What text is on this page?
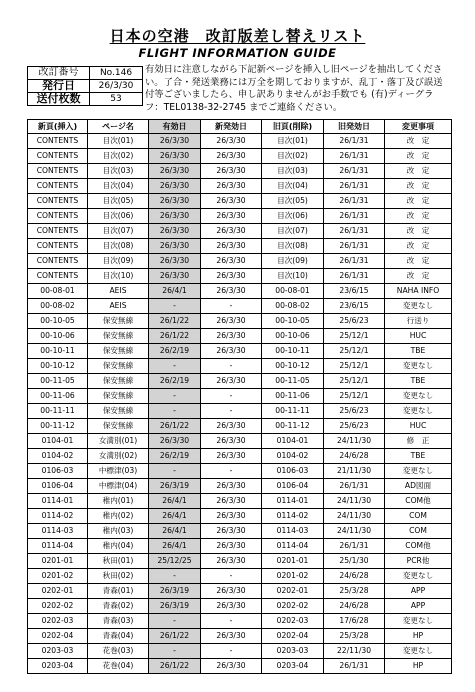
日本の空港　改訂版差し替えリスト
FLIGHT INFORMATION GUIDE
改訂番号	No.146
発行日	26/3/30
送付枚数	53
有効日に注意しながら下記新ページを挿入し旧ページを抽出してください。了合・発送業務には万全を期しておりますが、乱丁・落丁及び誤送付等ございましたら、申し訳ありませんがお手数でも (有)ディーグラフ：TEL0138-32-2745 までご連絡ください。
新頁(挿入)	ページ名	有効日	新発効日	旧頁(削除)	旧発効日	変更事項
CONTENTS	目次(01)	26/3/30	26/3/30	目次(01)	26/1/31	改　定
CONTENTS	目次(02)	26/3/30	26/3/30	目次(02)	26/1/31	改　定
CONTENTS	目次(03)	26/3/30	26/3/30	目次(03)	26/1/31	改　定
CONTENTS	目次(04)	26/3/30	26/3/30	目次(04)	26/1/31	改　定
CONTENTS	目次(05)	26/3/30	26/3/30	目次(05)	26/1/31	改　定
CONTENTS	目次(06)	26/3/30	26/3/30	目次(06)	26/1/31	改　定
CONTENTS	目次(07)	26/3/30	26/3/30	目次(07)	26/1/31	改　定
CONTENTS	目次(08)	26/3/30	26/3/30	目次(08)	26/1/31	改　定
CONTENTS	目次(09)	26/3/30	26/3/30	目次(09)	26/1/31	改　定
CONTENTS	目次(10)	26/3/30	26/3/30	目次(10)	26/1/31	改　定
00-08-01	AEIS	26/4/1	26/3/30	00-08-01	23/6/15	NAHA INFO
00-08-02	AEIS	-	-	00-08-02	23/6/15	変更なし
00-10-05	保安無線	26/1/22	26/3/30	00-10-05	25/6/23	行送り
00-10-06	保安無線	26/1/22	26/3/30	00-10-06	25/12/1	HUC
00-10-11	保安無線	26/2/19	26/3/30	00-10-11	25/12/1	TBE
00-10-12	保安無線	-	-	00-10-12	25/12/1	変更なし
00-11-05	保安無線	26/2/19	26/3/30	00-11-05	25/12/1	TBE
00-11-06	保安無線	-	-	00-11-06	25/12/1	変更なし
00-11-11	保安無線	-	-	00-11-11	25/6/23	変更なし
00-11-12	保安無線	26/1/22	26/3/30	00-11-12	25/6/23	HUC
0104-01	女満別(01)	26/3/30	26/3/30	0104-01	24/11/30	修　正
0104-02	女満別(02)	26/2/19	26/3/30	0104-02	24/6/28	TBE
0106-03	中標津(03)	-	-	0106-03	21/11/30	変更なし
0106-04	中標津(04)	26/3/19	26/3/30	0106-04	26/1/31	AD図面
0114-01	稚内(01)	26/4/1	26/3/30	0114-01	24/11/30	COM他
0114-02	稚内(02)	26/4/1	26/3/30	0114-02	24/11/30	COM
0114-03	稚内(03)	26/4/1	26/3/30	0114-03	24/11/30	COM
0114-04	稚内(04)	26/4/1	26/3/30	0114-04	26/1/31	COM他
0201-01	秋田(01)	25/12/25	26/3/30	0201-01	25/1/30	PCR他
0201-02	秋田(02)	-	-	0201-02	24/6/28	変更なし
0202-01	青森(01)	26/3/19	26/3/30	0202-01	25/3/28	APP
0202-02	青森(02)	26/3/19	26/3/30	0202-02	24/6/28	APP
0202-03	青森(03)	-	-	0202-03	17/6/28	変更なし
0202-04	青森(04)	26/1/22	26/3/30	0202-04	25/3/28	HP
0203-03	花巻(03)	-	-	0203-03	22/11/30	変更なし
0203-04	花巻(04)	26/1/22	26/3/30	0203-04	26/1/31	HP
